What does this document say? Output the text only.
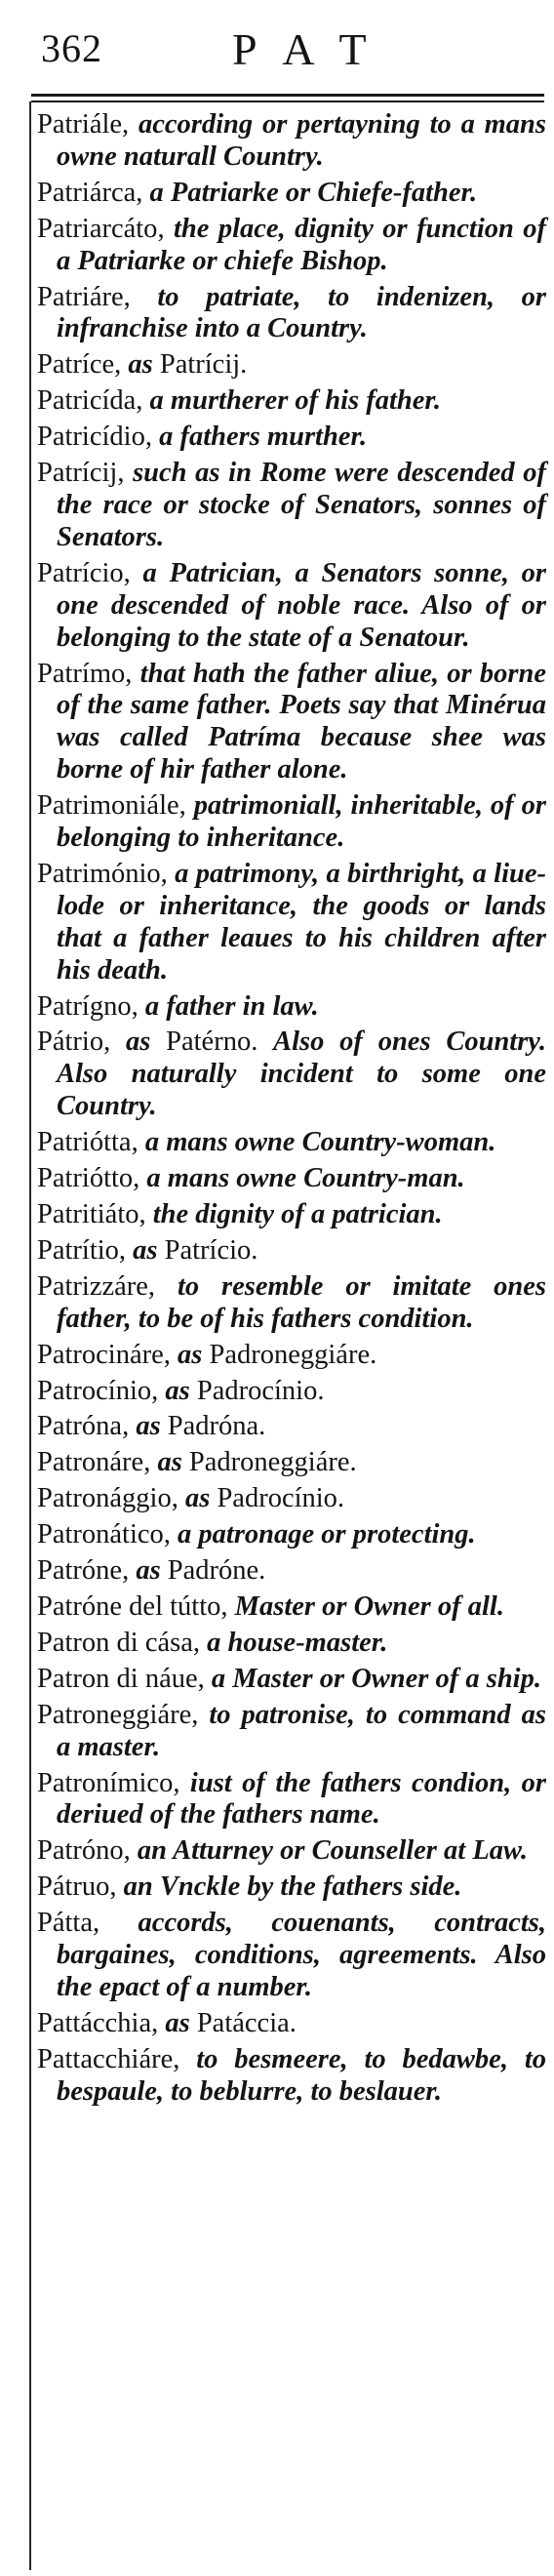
362	PAT

Patriále, according or pertayning to a mans owne naturall Country.

Patriárca, a Patriarke or Chiefe-father.

Patriarcáto, the place, dignity or function of a Patriarke or chiefe Bishop.

Patriáre, to patriate, to indenizen, or infranchise into a Country.

Patríce, as Patrícij.

Patricída, a murtherer of his father.

Patricídio, a fathers murther.

Patrícij, such as in Rome were descended of the race or stocke of Senators, sonnes of Senators.

Patrício, a Patrician, a Senators sonne, or one descended of noble race. Also of or belonging to the state of a Senatour.

Patrímo, that hath the father aliue, or borne of the same father. Poets say that Minérua was called Patríma because shee was borne of hir father alone.

Patrimoniále, patrimoniall, inheritable, of or belonging to inheritance.

Património, a patrimony, a birthright, a liue-lode or inheritance, the goods or lands that a father leaues to his children after his death.

Patrígno, a father in law.

Pátrio, as Patérno. Also of ones Country. Also naturally incident to some one Country.

Patriótta, a mans owne Country-woman.

Patriótto, a mans owne Country-man.

Patritiáto, the dignity of a patrician.

Patrítio, as Patrício.

Patrizzáre, to resemble or imitate ones father, to be of his fathers condition.

Patrocináre, as Padroneggiáre.

Patrocínio, as Padrocínio.

Patróna, as Padróna.

Patronáre, as Padroneggiáre.

Patronággio, as Padrocínio.

Patronático, a patronage or protecting.

Patróne, as Padróne.

Patróne del tútto, Master or Owner of all.

Patron di cása, a house-master.

Patron di náue, a Master or Owner of a ship.

Patroneggiáre, to patronise, to command as a master.

Patronímico, iust of the fathers condion, or deriued of the fathers name.

Patróno, an Atturney or Counseller at Law.

Pátruo, an Vnckle by the fathers side.

Pátta, accords, couenants, contracts, bargaines, conditions, agreements. Also the epact of a number.

Pattácchia, as Patáccia.

Pattacchiáre, to besmeere, to bedawbe, to bespaule, to beblurre, to beslauer.
